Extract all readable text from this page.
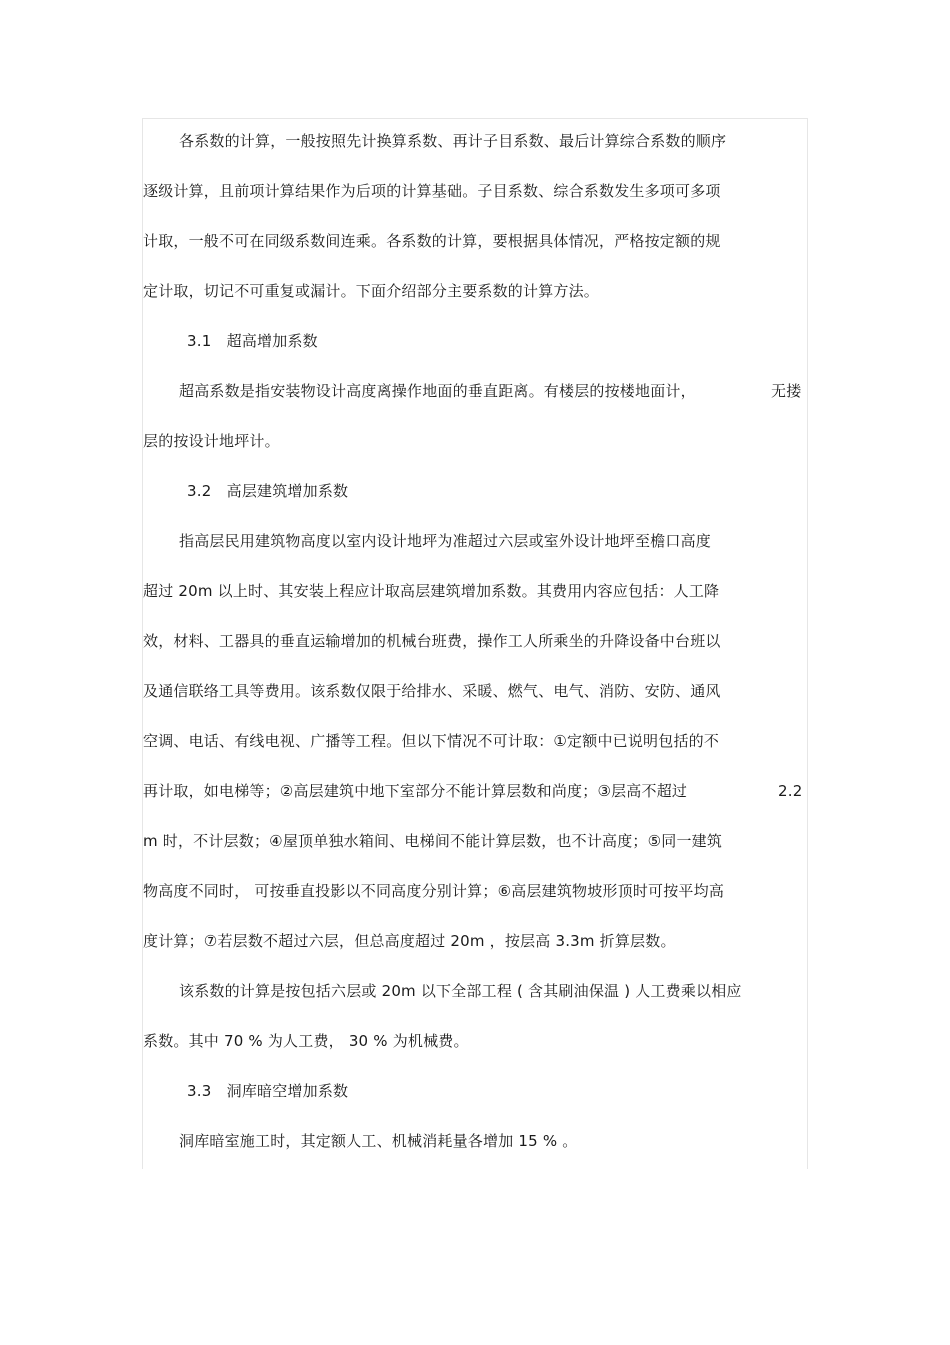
各系数的计算，一般按照先计换算系数、再计子目系数、最后计算综合系数的顺序
逐级计算，且前项计算结果作为后项的计算基础。子目系数、综合系数发生多项可多项
计取，一般不可在同级系数间连乘。各系数的计算，要根据具体情况，严格按定额的规
定计取，切记不可重复或漏计。下面介绍部分主要系数的计算方法。
3.1　超高增加系数
超高系数是指安装物设计高度离操作地面的垂直距离。有楼层的按楼地面计，	无搂
层的按设计地坪计。
3.2　高层建筑增加系数
指高层民用建筑物高度以室内设计地坪为准超过六层或室外设计地坪至檐口高度
超过 20m 以上时、其安装上程应计取高层建筑增加系数。其费用内容应包括：人工降
效，材料、工器具的垂直运输增加的机械台班费，操作工人所乘坐的升降设备中台班以
及通信联络工具等费用。该系数仅限于给排水、采暖、燃气、电气、消防、安防、通风
空调、电话、有线电视、广播等工程。但以下情况不可计取：①定额中已说明包括的不
再计取，如电梯等；②高层建筑中地下室部分不能计算层数和尚度；③层高不超过	2.2
m 时，不计层数；④屋顶单独水箱间、电梯间不能计算层数，也不计高度；⑤同一建筑
物高度不同时， 可按垂直投影以不同高度分别计算；⑥高层建筑物坡形顶时可按平均高
度计算；⑦若层数不超过六层，但总高度超过 20m ，按层高 3.3m 折算层数。
该系数的计算是按包括六层或 20m 以下全部工程 ( 含其刷油保温 ) 人工费乘以相应
系数。其中 70 % 为人工费， 30 % 为机械费。
3.3　洞库暗空增加系数
洞库暗室施工时，其定额人工、机械消耗量各增加 15 % 。
